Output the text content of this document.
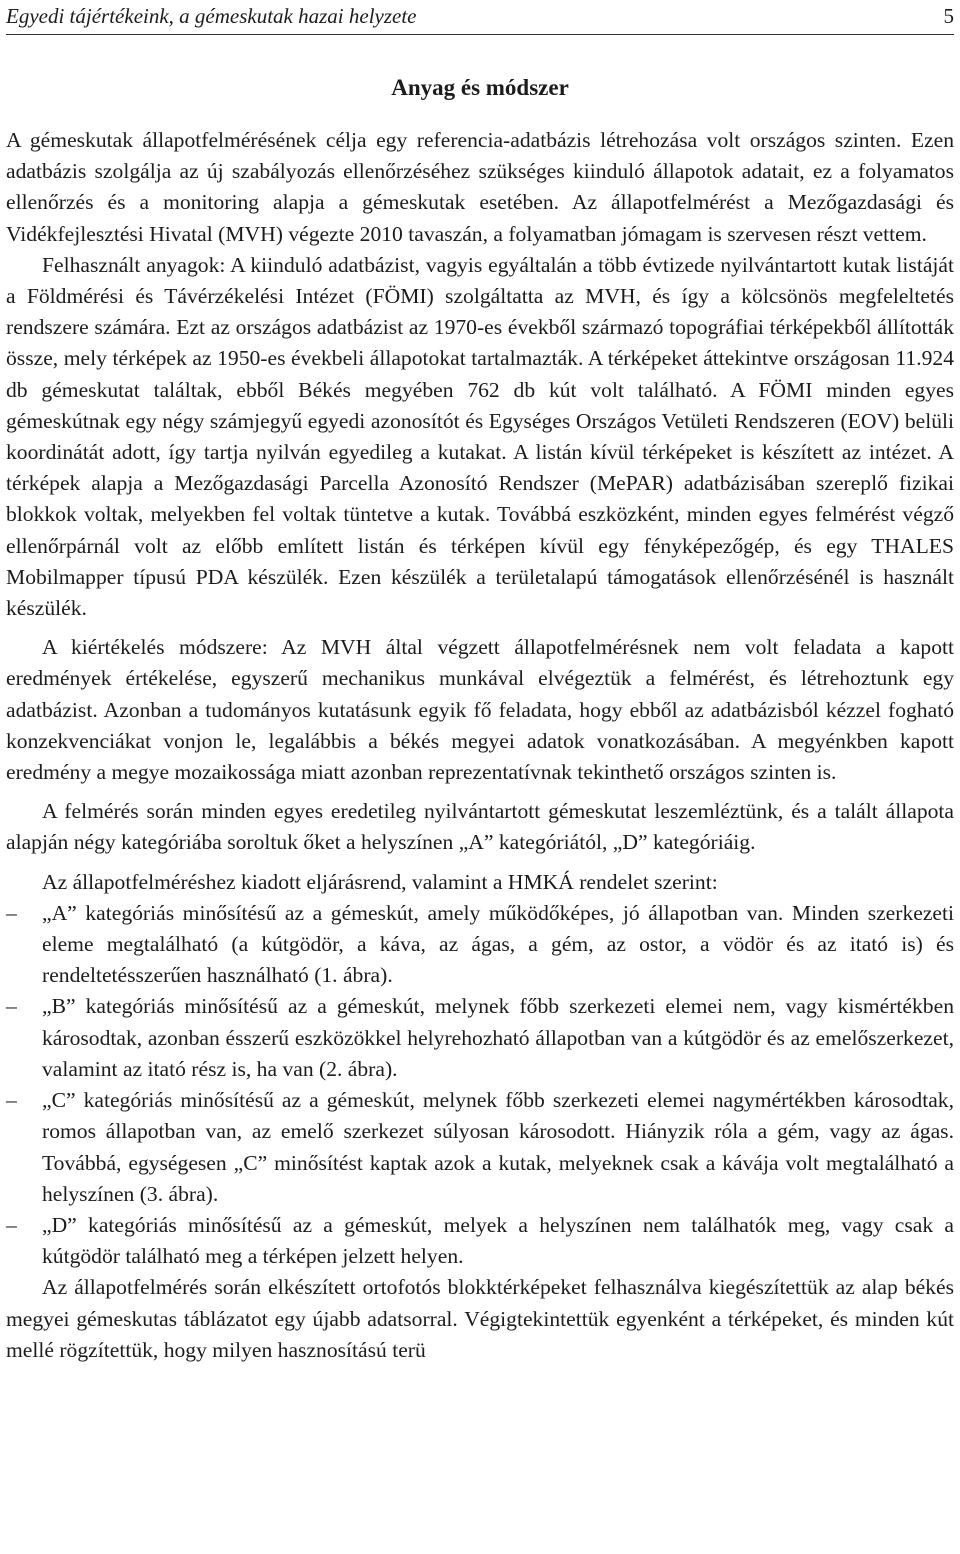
Egyedi tájértékeink, a gémeskutak hazai helyzete	5
Anyag és módszer

A gémeskutak állapotfelmérésének célja egy referencia-adatbázis létrehozása volt országos szinten. Ezen adatbázis szolgálja az új szabályozás ellenőrzéséhez szükséges kiinduló állapotok adatait, ez a folyamatos ellenőrzés és a monitoring alapja a gémeskutak esetében. Az állapotfelmérést a Mezőgazdasági és Vidékfejlesztési Hivatal (MVH) végezte 2010 tavaszán, a folyamatban jómagam is szervesen részt vettem.

Felhasznált anyagok: A kiinduló adatbázist, vagyis egyáltalán a több évtizede nyilvántartott kutak listáját a Földmérési és Távérzékelési Intézet (FÖMI) szolgáltatta az MVH, és így a kölcsönös megfeleltetés rendszere számára. Ezt az országos adatbázist az 1970-es évekből származó topográfiai térképekből állították össze, mely térképek az 1950-es évekbeli állapotokat tartalmazták. A térképeket áttekintve országosan 11.924 db gémeskutat találtak, ebből Békés megyében 762 db kút volt található. A FÖMI minden egyes gémeskútnak egy négy számjegyű egyedi azonosítót és Egységes Országos Vetületi Rendszeren (EOV) belüli koordinátát adott, így tartja nyilván egyedileg a kutakat. A listán kívül térképeket is készített az intézet. A térképek alapja a Mezőgazdasági Parcella Azonosító Rendszer (MePAR) adatbázisában szereplő fizikai blokkok voltak, melyekben fel voltak tüntetve a kutak. Továbbá eszközként, minden egyes felmérést végző ellenőrpárnál volt az előbb említett listán és térképen kívül egy fényképezőgép, és egy THALES Mobilmapper típusú PDA készülék. Ezen készülék a területalapú támogatások ellenőrzésénél is használt készülék.

A kiértékelés módszere: Az MVH által végzett állapotfelmérésnek nem volt feladata a kapott eredmények értékelése, egyszerű mechanikus munkával elvégeztük a felmérést, és létrehoztunk egy adatbázist. Azonban a tudományos kutatásunk egyik fő feladata, hogy ebből az adatbázisból kézzel fogható konzekvenciákat vonjon le, legalábbis a békés megyei adatok vonatkozásában. A megyénkben kapott eredmény a megye mozaikossága miatt azonban reprezentatívnak tekinthető országos szinten is.

A felmérés során minden egyes eredetileg nyilvántartott gémeskutat leszemléztünk, és a talált állapota alapján négy kategóriába soroltuk őket a helyszínen „A” kategóriától, „D” kategóriáig.

Az állapotfelméréshez kiadott eljárásrend, valamint a HMKÁ rendelet szerint:

– „A” kategóriás minősítésű az a gémeskút, amely működőképes, jó állapotban van. Minden szerkezeti eleme megtalálható (a kútgödör, a káva, az ágas, a gém, az ostor, a vödör és az itató is) és rendeltetésszerűen használható (1. ábra).
– „B” kategóriás minősítésű az a gémeskút, melynek főbb szerkezeti elemei nem, vagy kismértékben károsodtak, azonban ésszerű eszközökkel helyrehozható állapotban van a kútgödör és az emelőszerkezet, valamint az itató rész is, ha van (2. ábra).
– „C” kategóriás minősítésű az a gémeskút, melynek főbb szerkezeti elemei nagymértékben károsodtak, romos állapotban van, az emelő szerkezet súlyosan károsodott. Hiányzik róla a gém, vagy az ágas. Továbbá, egységesen „C” minősítést kaptak azok a kutak, melyeknek csak a kávája volt megtalálható a helyszínen (3. ábra).
– „D” kategóriás minősítésű az a gémeskút, melyek a helyszínen nem találhatók meg, vagy csak a kútgödör található meg a térképen jelzett helyen.

Az állapotfelmérés során elkészített ortofotós blokktérképeket felhasználva kiegészítettük az alap békés megyei gémeskutas táblázatot egy újabb adatsorral. Végigtekintettük egyenként a térképeket, és minden kút mellé rögzítettük, hogy milyen hasznosítású terü
